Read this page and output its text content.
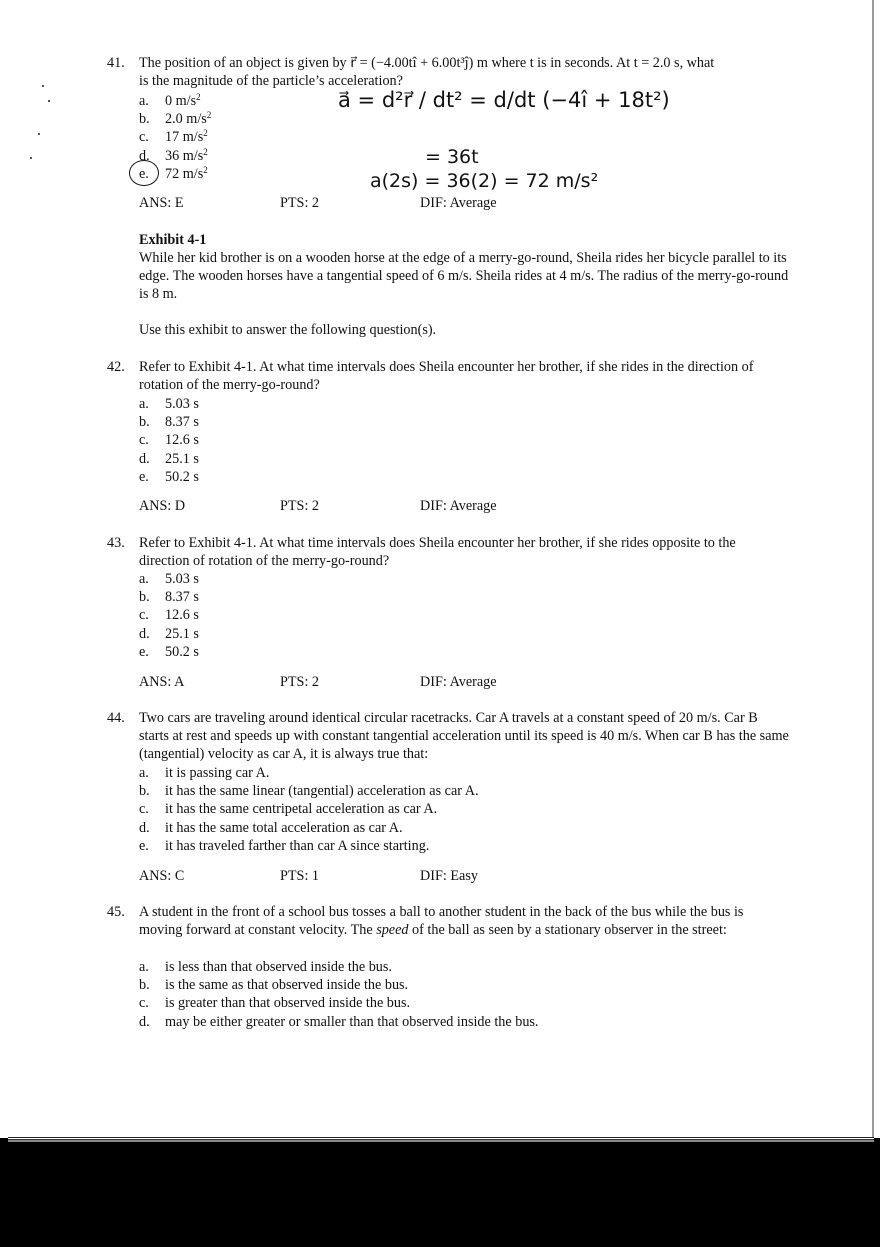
41. The position of an object is given by r⃗ = (−4.00tî + 6.00t³ĵ) m where t is in seconds. At t = 2.0 s, what
is the magnitude of the particle’s acceleration?
a. 0 $m/s^2$
b. 2.0 $m/s^2$
c. 17 $m/s^2$
d. 36 $m/s^2$
e. 72 $m/s^2$
ANS: E	PTS: 2	DIF: Average
a⃗ = d²r⃗ / dt² = d/dt (−4î + 18t²)
= 36t
a(2s) = 36(2) = 72 m/s²
Exhibit 4-1
While her kid brother is on a wooden horse at the edge of a merry-go-round, Sheila rides her bicycle parallel to its edge. The wooden horses have a tangential speed of 6 m/s. Sheila rides at 4 m/s. The radius of the merry-go-round is 8 m.
Use this exhibit to answer the following question(s).
42. Refer to Exhibit 4-1. At what time intervals does Sheila encounter her brother, if she rides in the direction of rotation of the merry-go-round?
a. 5.03 s
b. 8.37 s
c. 12.6 s
d. 25.1 s
e. 50.2 s
ANS: D	PTS: 2	DIF: Average
43. Refer to Exhibit 4-1. At what time intervals does Sheila encounter her brother, if she rides opposite to the direction of rotation of the merry-go-round?
a. 5.03 s
b. 8.37 s
c. 12.6 s
d. 25.1 s
e. 50.2 s
ANS: A	PTS: 2	DIF: Average
44. Two cars are traveling around identical circular racetracks. Car A travels at a constant speed of 20 m/s. Car B starts at rest and speeds up with constant tangential acceleration until its speed is 40 m/s. When car B has the same (tangential) velocity as car A, it is always true that:
a. it is passing car A.
b. it has the same linear (tangential) acceleration as car A.
c. it has the same centripetal acceleration as car A.
d. it has the same total acceleration as car A.
e. it has traveled farther than car A since starting.
ANS: C	PTS: 1	DIF: Easy
45. A student in the front of a school bus tosses a ball to another student in the back of the bus while the bus is moving forward at constant velocity. The speed of the ball as seen by a stationary observer in the street:
a. is less than that observed inside the bus.
b. is the same as that observed inside the bus.
c. is greater than that observed inside the bus.
d. may be either greater or smaller than that observed inside the bus.
